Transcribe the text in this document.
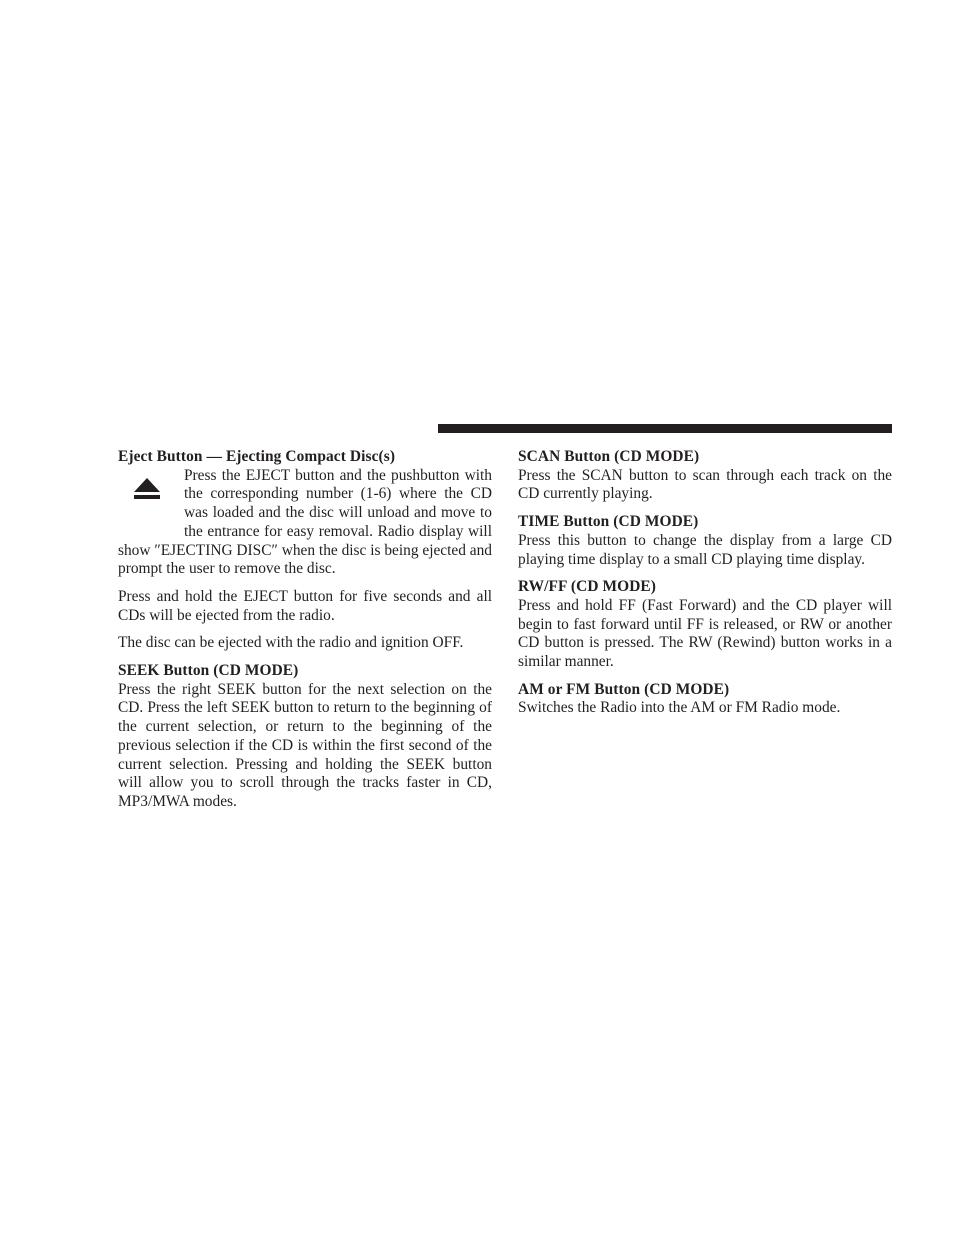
Eject Button — Ejecting Compact Disc(s)

Press the EJECT button and the pushbutton with the corresponding number (1-6) where the CD was loaded and the disc will unload and move to the entrance for easy removal. Radio display will show ″EJECTING DISC″ when the disc is being ejected and prompt the user to remove the disc.

Press and hold the EJECT button for five seconds and all CDs will be ejected from the radio.

The disc can be ejected with the radio and ignition OFF.

SEEK Button (CD MODE)

Press the right SEEK button for the next selection on the CD. Press the left SEEK button to return to the beginning of the current selection, or return to the beginning of the previous selection if the CD is within the first second of the current selection. Pressing and holding the SEEK button will allow you to scroll through the tracks faster in CD, MP3/MWA modes.

SCAN Button (CD MODE)

Press the SCAN button to scan through each track on the CD currently playing.

TIME Button (CD MODE)

Press this button to change the display from a large CD playing time display to a small CD playing time display.

RW/FF (CD MODE)

Press and hold FF (Fast Forward) and the CD player will begin to fast forward until FF is released, or RW or another CD button is pressed. The RW (Rewind) button works in a similar manner.

AM or FM Button (CD MODE)

Switches the Radio into the AM or FM Radio mode.
